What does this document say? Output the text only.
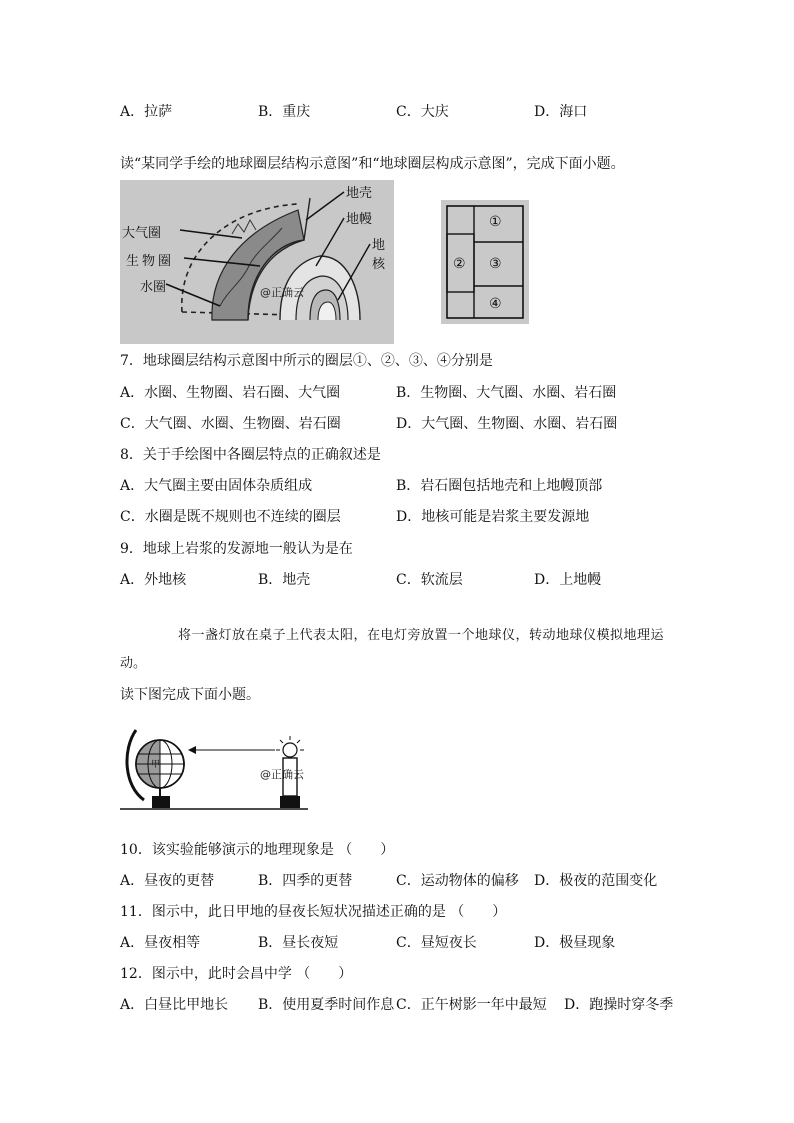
A．拉萨	B．重庆	C．大庆	D．海口
读“某同学手绘的地球圈层结构示意图”和“地球圈层构成示意图”，完成下面小题。
大气圈
生物圈
水圈
地壳
地幔
地核
@正确云
①
② ③
④
7．地球圈层结构示意图中所示的圈层①、②、③、④分别是
A．水圈、生物圈、岩石圈、大气圈	B．生物圈、大气圈、水圈、岩石圈
C．大气圈、水圈、生物圈、岩石圈	D．大气圈、生物圈、水圈、岩石圈
8．关于手绘图中各圈层特点的正确叙述是
A．大气圈主要由固体杂质组成	B．岩石圈包括地壳和上地幔顶部
C．水圈是既不规则也不连续的圈层	D．地核可能是岩浆主要发源地
9．地球上岩浆的发源地一般认为是在
A．外地核	B．地壳	C．软流层	D．上地幔
将一盏灯放在桌子上代表太阳，在电灯旁放置一个地球仪，转动地球仪模拟地理运
动。
读下图完成下面小题。
甲
@正确云
10．该实验能够演示的地理现象是 （　　）
A．昼夜的更替	B．四季的更替	C．运动物体的偏移 D．极夜的范围变化
11．图示中，此日甲地的昼夜长短状况描述正确的是 （　　）
A．昼夜相等	B．昼长夜短	C．昼短夜长	D．极昼现象
12．图示中，此时会昌中学 （　　）
A．白昼比甲地长 B．使用夏季时间作息 C．正午树影一年中最短 D．跑操时穿冬季
